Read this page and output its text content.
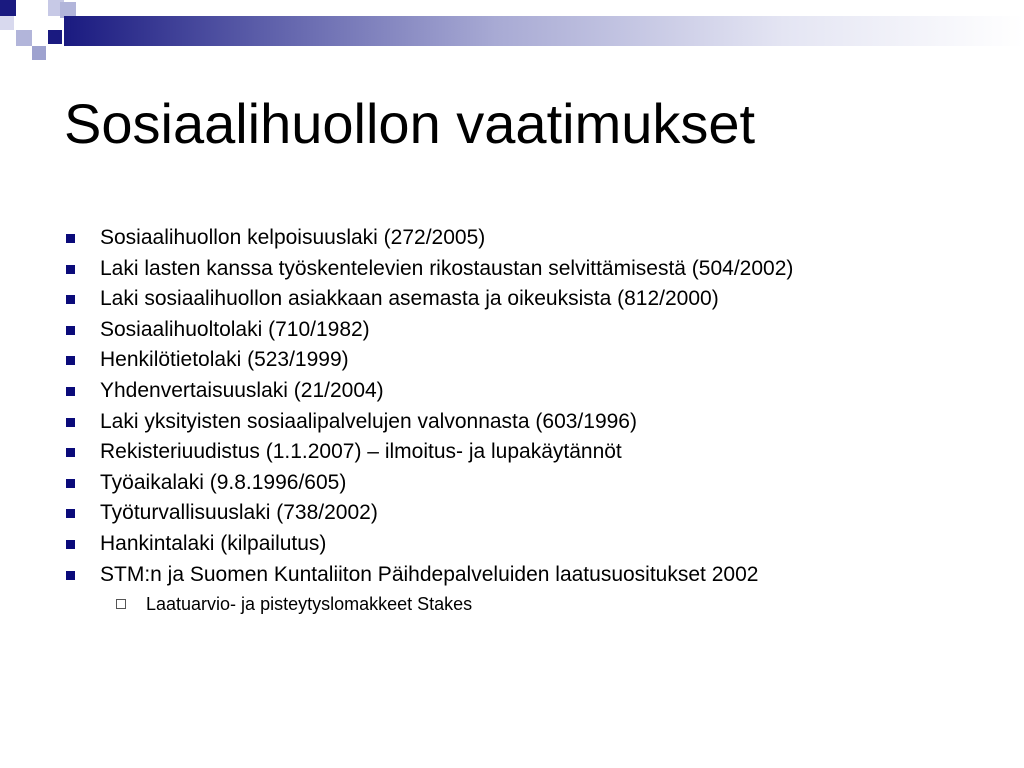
Sosiaalihuollon vaatimukset
Sosiaalihuollon kelpoisuuslaki (272/2005)
Laki lasten kanssa työskentelevien rikostaustan selvittämisestä (504/2002)
Laki sosiaalihuollon asiakkaan asemasta ja oikeuksista (812/2000)
Sosiaalihuoltolaki (710/1982)
Henkilötietolaki (523/1999)
Yhdenvertaisuuslaki (21/2004)
Laki yksityisten sosiaalipalvelujen valvonnasta (603/1996)
Rekisteriuudistus (1.1.2007) – ilmoitus- ja lupakäytännöt
Työaikalaki (9.8.1996/605)
Työturvallisuuslaki (738/2002)
Hankintalaki (kilpailutus)
STM:n ja Suomen Kuntaliiton Päihdepalveluiden laatusuositukset 2002
Laatuarvio- ja pisteytyslomakkeet Stakes
